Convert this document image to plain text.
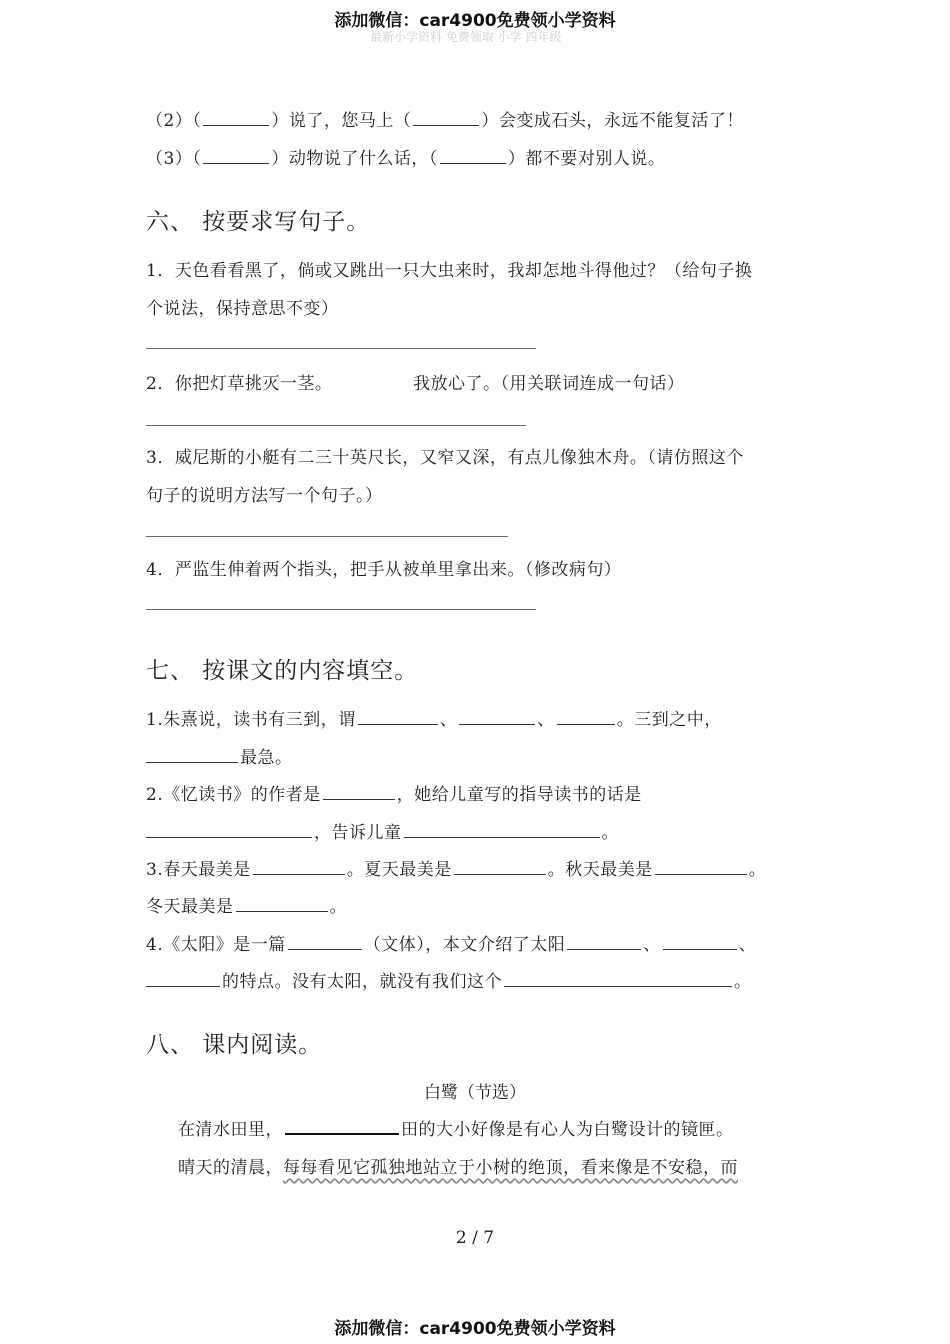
添加微信：car4900免费领小学资料
最新小学资料 免费领取 小学 四年级
（2）（	）说了，您马上（	）会变成石头，永远不能复活了！
（3）（	）动物说了什么话，（	）都不要对别人说。
六、 按要求写句子。
1．天色看看黑了，倘或又跳出一只大虫来时，我却怎地斗得他过？（给句子换
个说法，保持意思不变）
2．你把灯草挑灭一茎。	我放心了。（用关联词连成一句话）
3．威尼斯的小艇有二三十英尺长，又窄又深，有点儿像独木舟。（请仿照这个
句子的说明方法写一个句子。）
4．严监生伸着两个指头，把手从被单里拿出来。（修改病句）
七、 按课文的内容填空。
1.朱熹说，读书有三到，谓	、	、	。三到之中，
最急。
2.《忆读书》的作者是	，她给儿童写的指导读书的话是
，告诉儿童	。
3.春天最美是	。夏天最美是	。秋天最美是	。
冬天最美是	。
4.《太阳》是一篇	（文体），本文介绍了太阳	、	、
的特点。没有太阳，就没有我们这个	。
八、 课内阅读。
白鹭（节选）
在清水田里，	田的大小好像是有心人为白鹭设计的镜匣。
晴天的清晨，每每看见它孤独地站立于小树的绝顶，看来像是不安稳，而
2 / 7
添加微信：car4900免费领小学资料
